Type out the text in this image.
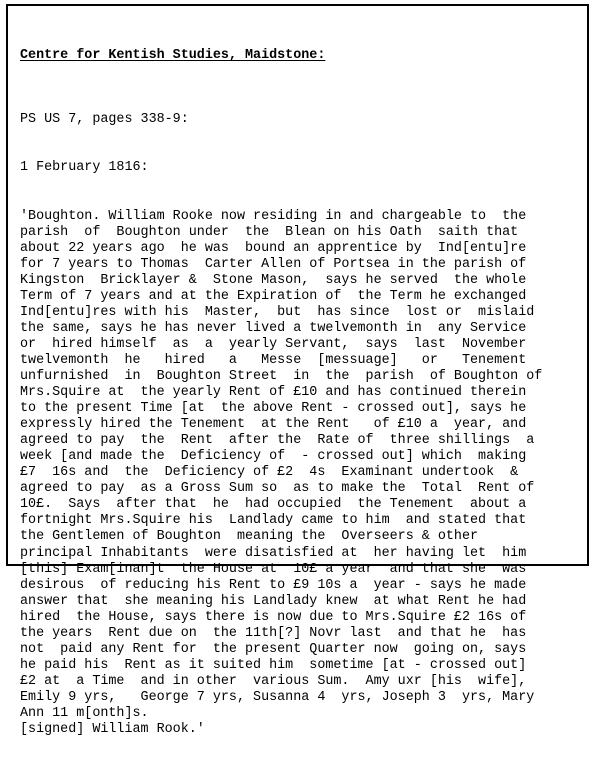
Centre for Kentish Studies, Maidstone:

PS US 7, pages 338-9:

1 February 1816:

'Boughton. William Rooke now residing in and chargeable to  the
parish  of  Boughton under  the  Blean on his Oath  saith that
about 22 years ago  he was  bound an apprentice by  Ind[entu]re
for 7 years to Thomas  Carter Allen of Portsea in the parish of
Kingston  Bricklayer &  Stone Mason,  says he served  the whole
Term of 7 years and at the Expiration of  the Term he exchanged
Ind[entu]res with his  Master,  but  has since  lost or  mislaid
the same, says he has never lived a twelvemonth in  any Service
or  hired himself  as  a  yearly Servant,  says  last  November
twelvemonth  he   hired   a   Messe  [messuage]   or   Tenement
unfurnished  in  Boughton Street  in  the  parish  of Boughton of
Mrs.Squire at  the yearly Rent of £10 and has continued therein
to the present Time [at  the above Rent - crossed out], says he
expressly hired the Tenement  at the Rent   of £10 a  year, and
agreed to pay  the  Rent  after the  Rate of  three shillings  a
week [and made the  Deficiency of  - crossed out] which  making
£7  16s and  the  Deficiency of £2  4s  Examinant undertook  &
agreed to pay  as a Gross Sum so  as to make the  Total  Rent of
10£.  Says  after that  he  had occupied  the Tenement  about a
fortnight Mrs.Squire his  Landlady came to him  and stated that
the Gentlemen of Boughton  meaning the  Overseers & other
principal Inhabitants  were disatisfied at  her having let  him
[this] Exam[inan]t  the House at  10£ a year  and that she  was
desirous  of reducing his Rent to £9 10s a  year - says he made
answer that  she meaning his Landlady knew  at what Rent he had
hired  the House, says there is now due to Mrs.Squire £2 16s of
the years  Rent due on  the 11th[?] Novr last  and that he  has
not  paid any Rent for  the present Quarter now  going on, says
he paid his  Rent as it suited him  sometime [at - crossed out]
£2 at  a Time  and in other  various Sum.  Amy uxr [his  wife],
Emily 9 yrs,   George 7 yrs, Susanna 4  yrs, Joseph 3  yrs, Mary
Ann 11 m[onth]s.
[signed] William Rook.'
